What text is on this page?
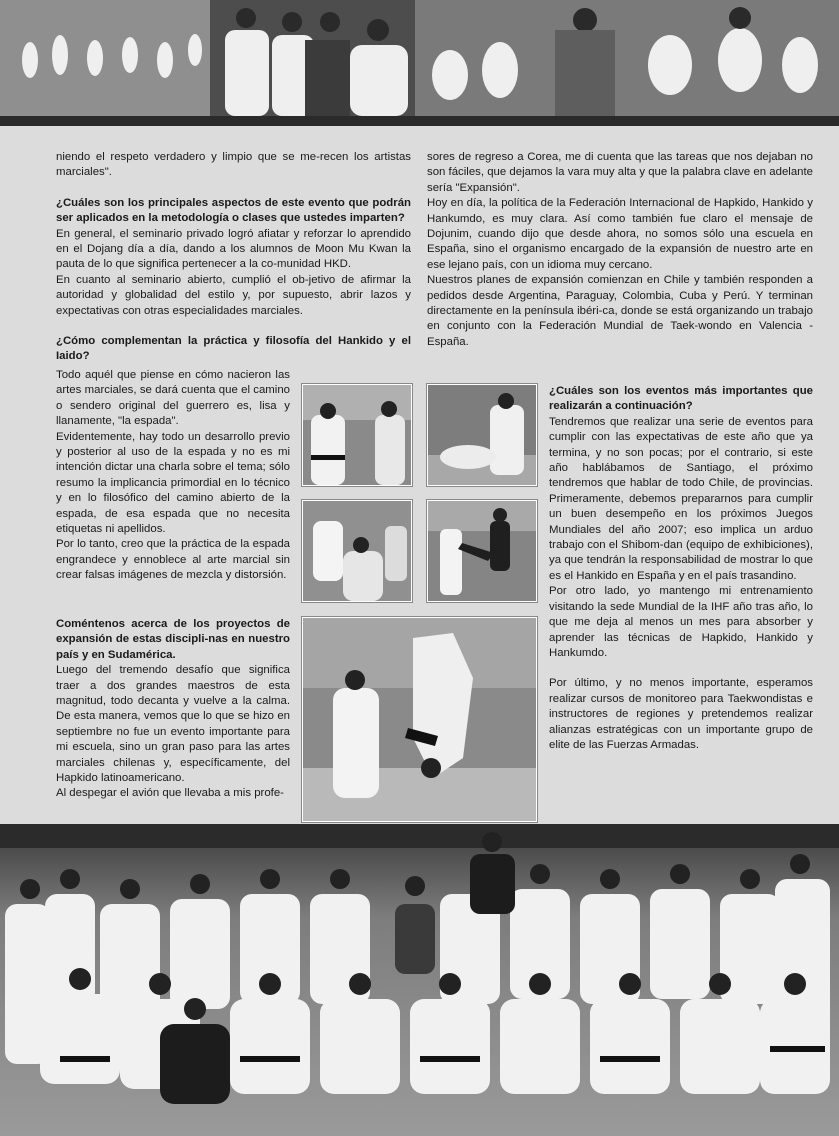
niendo el respeto verdadero y limpio que se me-recen los artistas marciales".

¿Cuáles son los principales aspectos de este evento que podrán ser aplicados en la metodología o clases que ustedes imparten?

En general, el seminario privado logró afiatar y reforzar lo aprendido en el Dojang día a día, dando a los alumnos de Moon Mu Kwan la pauta de lo que significa pertenecer a la co-munidad HKD.

En cuanto al seminario abierto, cumplió el ob-jetivo de afirmar la autoridad y globalidad del estilo y, por supuesto, abrir lazos y expectativas con otras especialidades marciales.

¿Cómo complementan la práctica y filosofía del Hankido y el Iaido?

Todo aquél que piense en cómo nacieron las artes marciales, se dará cuenta que el camino o sendero original del guerrero es, lisa y llanamente, "la espada".

Evidentemente, hay todo un desarrollo previo y posterior al uso de la espada y no es mi intención dictar una charla sobre el tema; sólo resumo la implicancia primordial en lo técnico y en lo filosófico del camino abierto de la espada, de esa espada que no necesita etiquetas ni apellidos.

Por lo tanto, creo que la práctica de la espada engrandece y ennoblece al arte marcial sin crear falsas imágenes de mezcla y distorsión.

Coméntenos acerca de los proyectos de expansión de estas discipli-nas en nuestro país y en Sudamérica.

Luego del tremendo desafío que significa traer a dos grandes maestros de esta magnitud, todo decanta y vuelve a la calma. De esta manera, vemos que lo que se hizo en septiembre no fue un evento importante para mi escuela, sino un gran paso para las artes marciales chilenas y, específicamente, del Hapkido latinoamericano.

Al despegar el avión que llevaba a mis profe-

sores de regreso a Corea, me di cuenta que las tareas que nos dejaban no son fáciles, que dejamos la vara muy alta y que la palabra clave en adelante sería "Expansión".

Hoy en día, la política de la Federación Internacional de Hapkido, Hankido y Hankumdo, es muy clara. Así como también fue claro el mensaje de Dojunim, cuando dijo que desde ahora, no somos sólo una escuela en España, sino el organismo encargado de la expansión de nuestro arte en ese lejano país, con un idioma muy cercano.

Nuestros planes de expansión comienzan en Chile y también responden a pedidos desde Argentina, Paraguay, Colombia, Cuba y Perú. Y terminan directamente en la península ibéri-ca, donde se está organizando un trabajo en conjunto con la Federación Mundial de Taek-wondo en Valencia - España.

¿Cuáles son los eventos más importantes que realizarán a continuación?

Tendremos que realizar una serie de eventos para cumplir con las expectativas de este año que ya termina, y no son pocas; por el contrario, si este año hablábamos de Santiago, el próximo tendremos que hablar de todo Chile, de provincias. Primeramente, debemos prepararnos para cumplir un buen desempeño en los próximos Juegos Mundiales del año 2007; eso implica un arduo trabajo con el Shibom-dan (equipo de exhibiciones), ya que tendrán la responsabilidad de mostrar lo que es el Hankido en España y en el país trasandino.

Por otro lado, yo mantengo mi entrenamiento visitando la sede Mundial de la IHF año tras año, lo que me deja al menos un mes para absorber y aprender las técnicas de Hapkido, Hankido y Hankumdo.

Por último, y no menos importante, esperamos realizar cursos de monitoreo para Taekwondistas e instructores de regiones y pretendemos realizar alianzas estratégicas con un importante grupo de elite de las Fuerzas Armadas.
